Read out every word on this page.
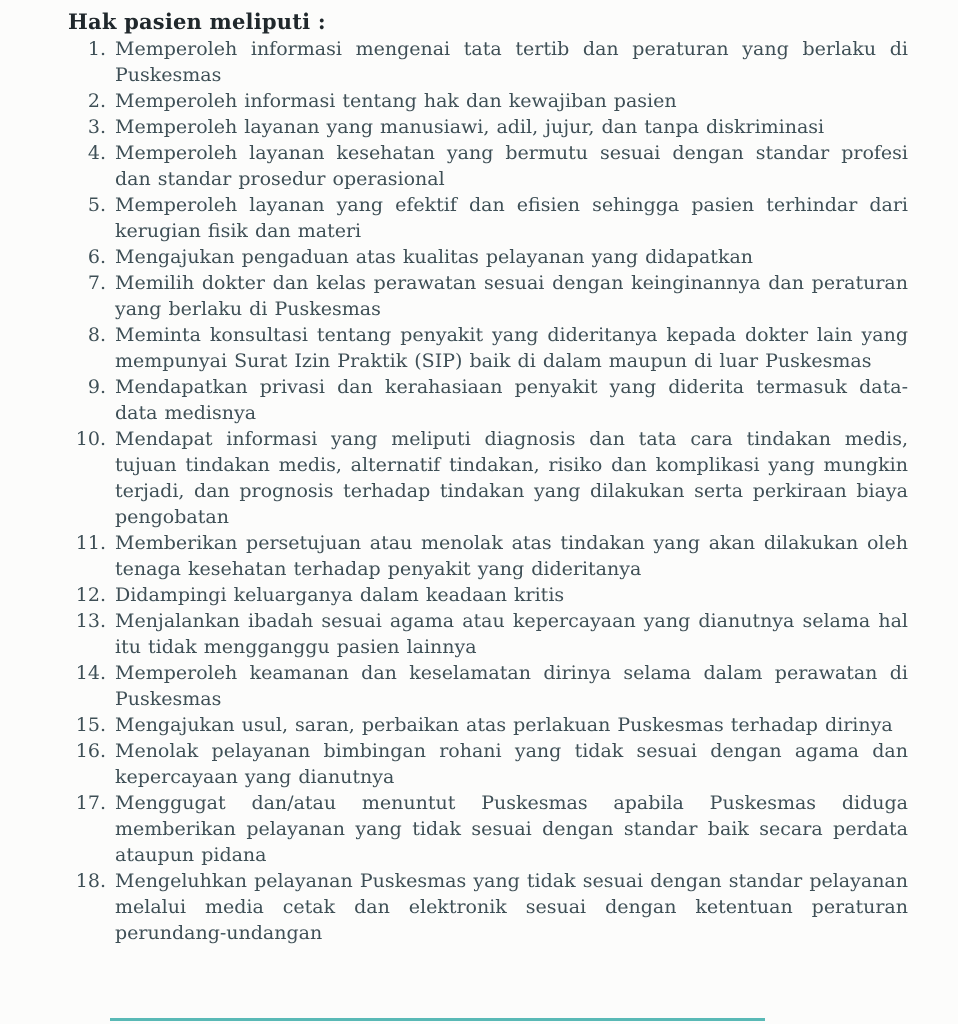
Hak pasien meliputi :
1. Memperoleh informasi mengenai tata tertib dan peraturan yang berlaku di Puskesmas
2. Memperoleh informasi tentang hak dan kewajiban pasien
3. Memperoleh layanan yang manusiawi, adil, jujur, dan tanpa diskriminasi
4. Memperoleh layanan kesehatan yang bermutu sesuai dengan standar profesi dan standar prosedur operasional
5. Memperoleh layanan yang efektif dan efisien sehingga pasien terhindar dari kerugian fisik dan materi
6. Mengajukan pengaduan atas kualitas pelayanan yang didapatkan
7. Memilih dokter dan kelas perawatan sesuai dengan keinginannya dan peraturan yang berlaku di Puskesmas
8. Meminta konsultasi tentang penyakit yang dideritanya kepada dokter lain yang mempunyai Surat Izin Praktik (SIP) baik di dalam maupun di luar Puskesmas
9. Mendapatkan privasi dan kerahasiaan penyakit yang diderita termasuk data-data medisnya
10. Mendapat informasi yang meliputi diagnosis dan tata cara tindakan medis, tujuan tindakan medis, alternatif tindakan, risiko dan komplikasi yang mungkin terjadi, dan prognosis terhadap tindakan yang dilakukan serta perkiraan biaya pengobatan
11. Memberikan persetujuan atau menolak atas tindakan yang akan dilakukan oleh tenaga kesehatan terhadap penyakit yang dideritanya
12. Didampingi keluarganya dalam keadaan kritis
13. Menjalankan ibadah sesuai agama atau kepercayaan yang dianutnya selama hal itu tidak mengganggu pasien lainnya
14. Memperoleh keamanan dan keselamatan dirinya selama dalam perawatan di Puskesmas
15. Mengajukan usul, saran, perbaikan atas perlakuan Puskesmas terhadap dirinya
16. Menolak pelayanan bimbingan rohani yang tidak sesuai dengan agama dan kepercayaan yang dianutnya
17. Menggugat dan/atau menuntut Puskesmas apabila Puskesmas diduga memberikan pelayanan yang tidak sesuai dengan standar baik secara perdata ataupun pidana
18. Mengeluhkan pelayanan Puskesmas yang tidak sesuai dengan standar pelayanan melalui media cetak dan elektronik sesuai dengan ketentuan peraturan perundang-undangan
